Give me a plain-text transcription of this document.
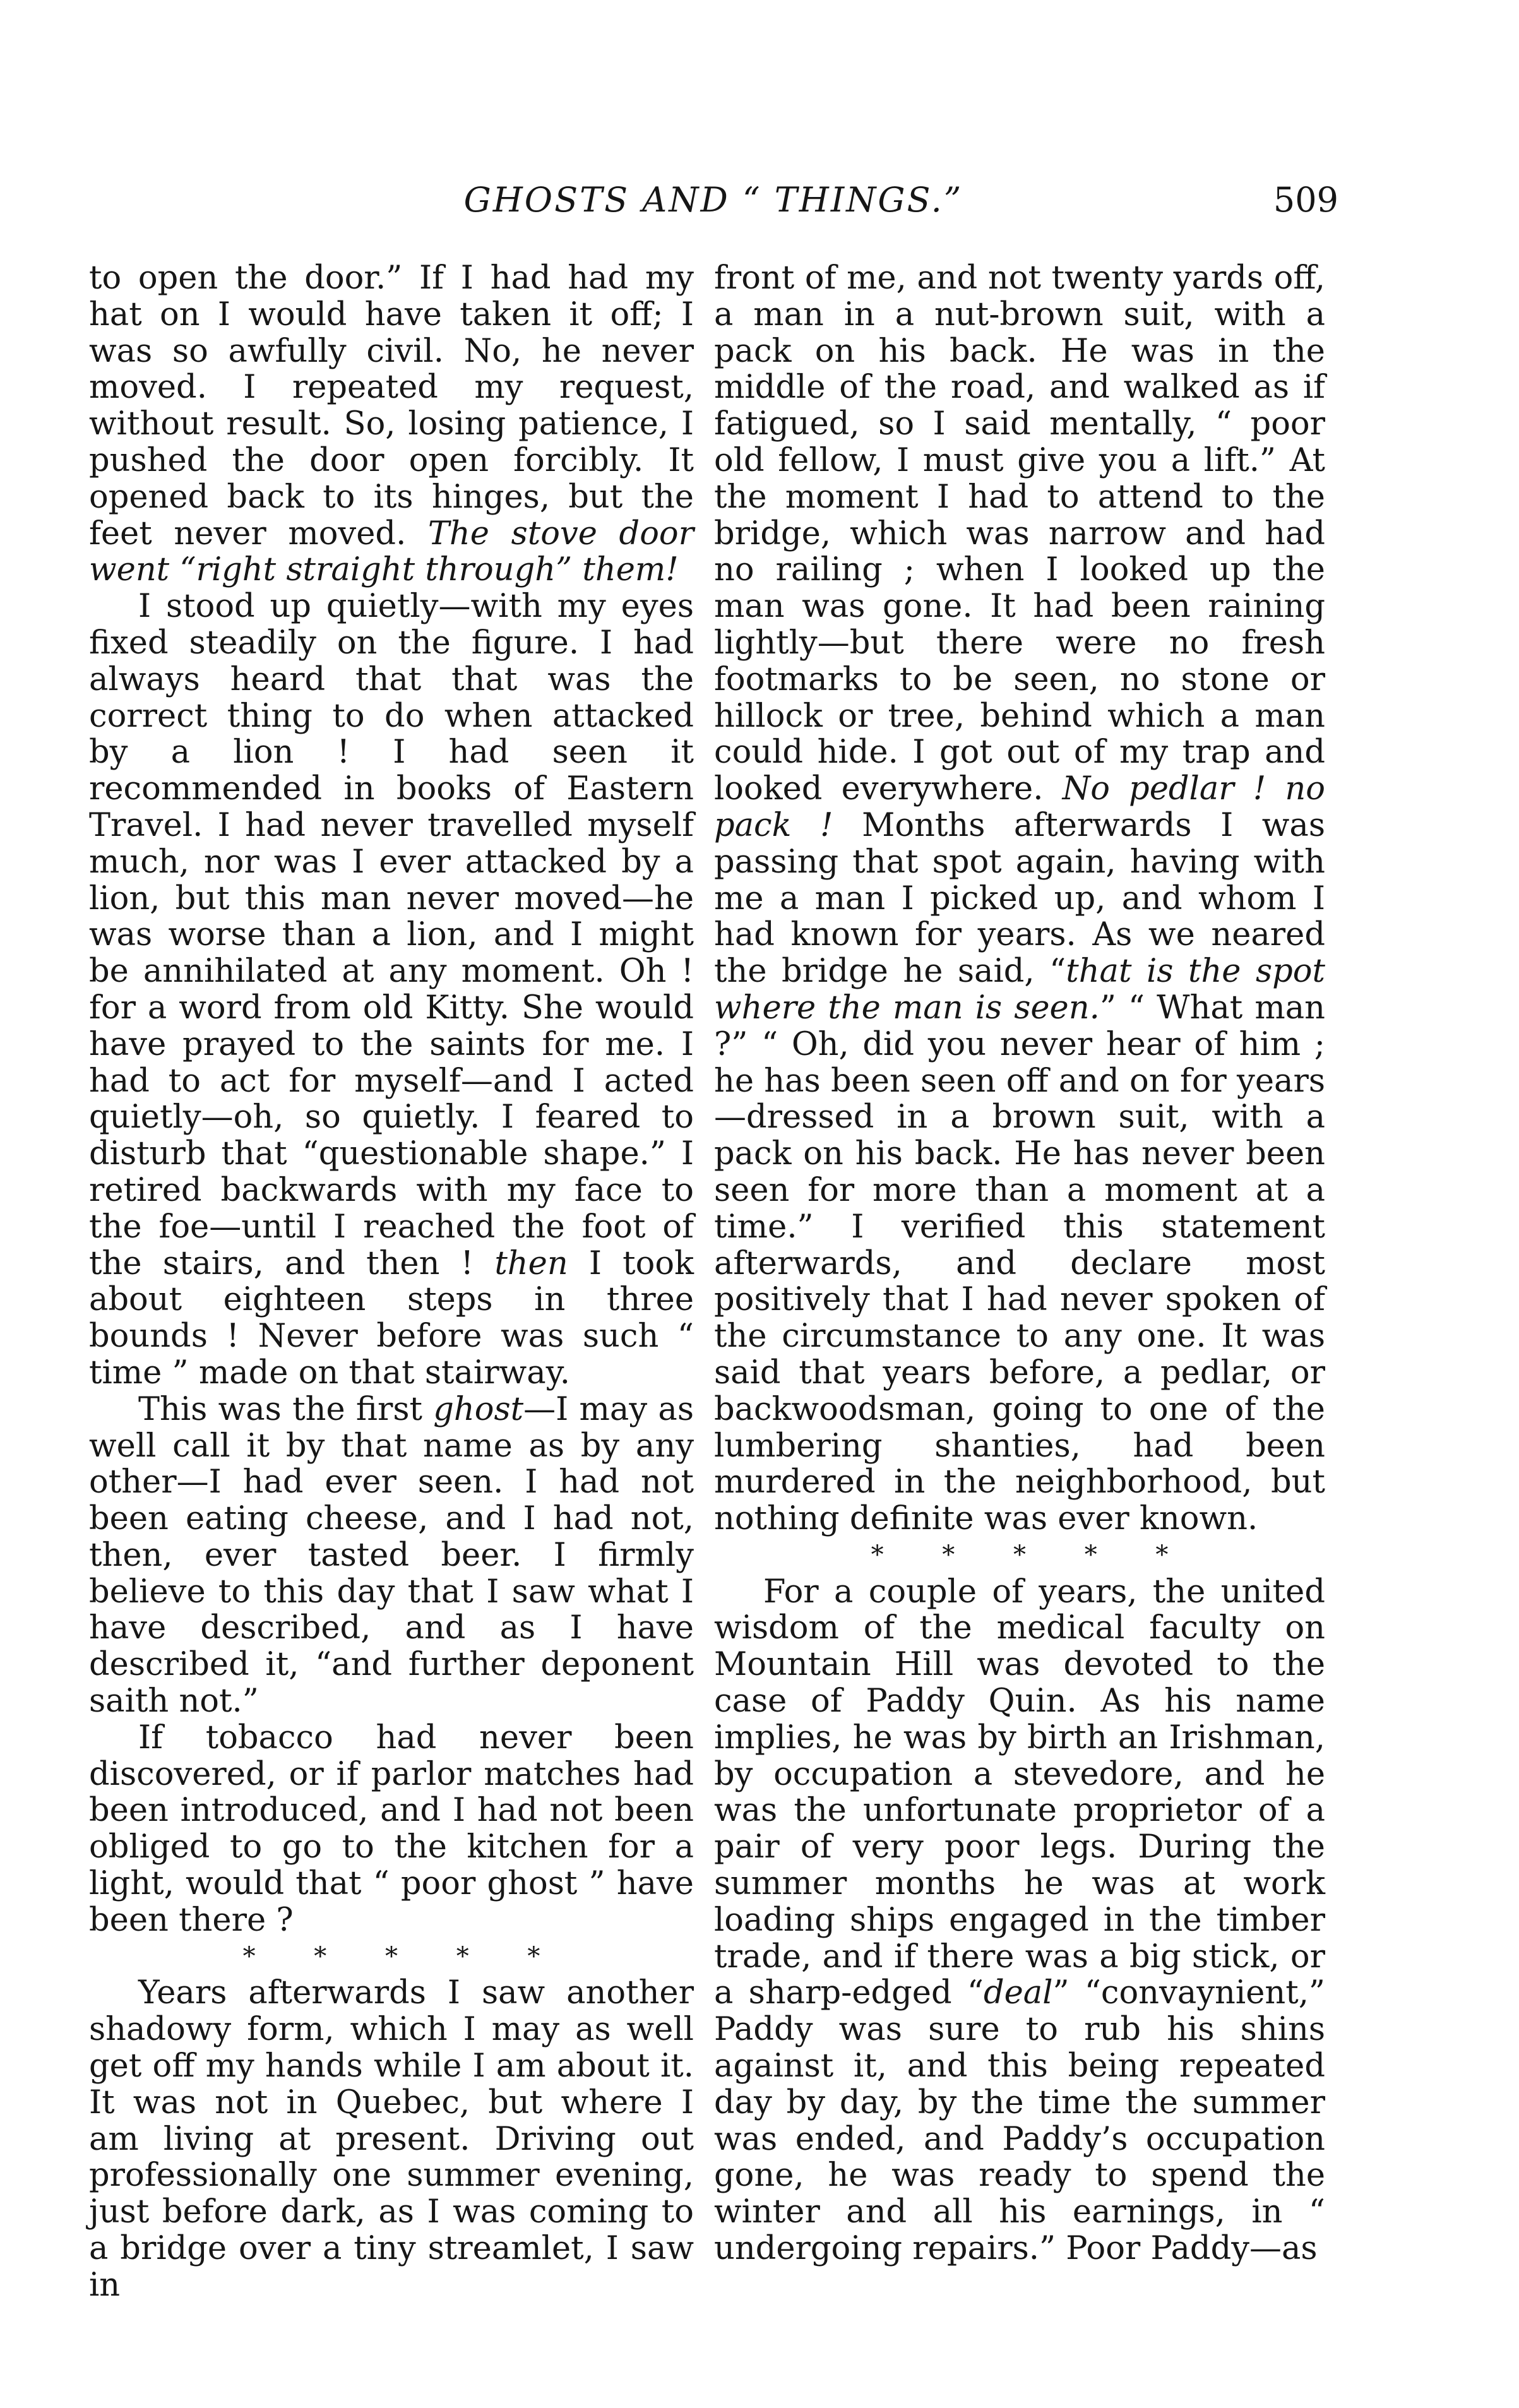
GHOSTS AND “ THINGS.”	509

to open the door.” If I had had my hat on I would have taken it off; I was so awfully civil. No, he never moved. I repeated my request, without result. So, losing patience, I pushed the door open forcibly. It opened back to its hinges, but the feet never moved. The stove door went “right straight through” them!

I stood up quietly—with my eyes fixed steadily on the figure. I had always heard that that was the correct thing to do when attacked by a lion ! I had seen it recommended in books of Eastern Travel. I had never travelled myself much, nor was I ever attacked by a lion, but this man never moved—he was worse than a lion, and I might be annihilated at any moment. Oh ! for a word from old Kitty. She would have prayed to the saints for me. I had to act for myself—and I acted quietly—oh, so quietly. I feared to disturb that “questionable shape.” I retired backwards with my face to the foe—until I reached the foot of the stairs, and then ! then I took about eighteen steps in three bounds ! Never before was such “ time ” made on that stairway.

This was the first ghost—I may as well call it by that name as by any other—I had ever seen. I had not been eating cheese, and I had not, then, ever tasted beer. I firmly believe to this day that I saw what I have described, and as I have described it, “and further deponent saith not.”

If tobacco had never been discovered, or if parlor matches had been introduced, and I had not been obliged to go to the kitchen for a light, would that “ poor ghost ” have been there ?

* * * * *

Years afterwards I saw another shadowy form, which I may as well get off my hands while I am about it. It was not in Quebec, but where I am living at present. Driving out professionally one summer evening, just before dark, as I was coming to a bridge over a tiny streamlet, I saw in

front of me, and not twenty yards off, a man in a nut-brown suit, with a pack on his back. He was in the middle of the road, and walked as if fatigued, so I said mentally, “ poor old fellow, I must give you a lift.” At the moment I had to attend to the bridge, which was narrow and had no railing ; when I looked up the man was gone. It had been raining lightly—but there were no fresh footmarks to be seen, no stone or hillock or tree, behind which a man could hide. I got out of my trap and looked everywhere. No pedlar ! no pack ! Months afterwards I was passing that spot again, having with me a man I picked up, and whom I had known for years. As we neared the bridge he said, “that is the spot where the man is seen.” “ What man ?” “ Oh, did you never hear of him ; he has been seen off and on for years—dressed in a brown suit, with a pack on his back. He has never been seen for more than a moment at a time.” I verified this statement afterwards, and declare most positively that I had never spoken of the circumstance to any one. It was said that years before, a pedlar, or backwoodsman, going to one of the lumbering shanties, had been murdered in the neighborhood, but nothing definite was ever known.

* * * * *

For a couple of years, the united wisdom of the medical faculty on Mountain Hill was devoted to the case of Paddy Quin. As his name implies, he was by birth an Irishman, by occupation a stevedore, and he was the unfortunate proprietor of a pair of very poor legs. During the summer months he was at work loading ships engaged in the timber trade, and if there was a big stick, or a sharp-edged “deal” “convaynient,” Paddy was sure to rub his shins against it, and this being repeated day by day, by the time the summer was ended, and Paddy’s occupation gone, he was ready to spend the winter and all his earnings, in “ undergoing repairs.” Poor Paddy—as
